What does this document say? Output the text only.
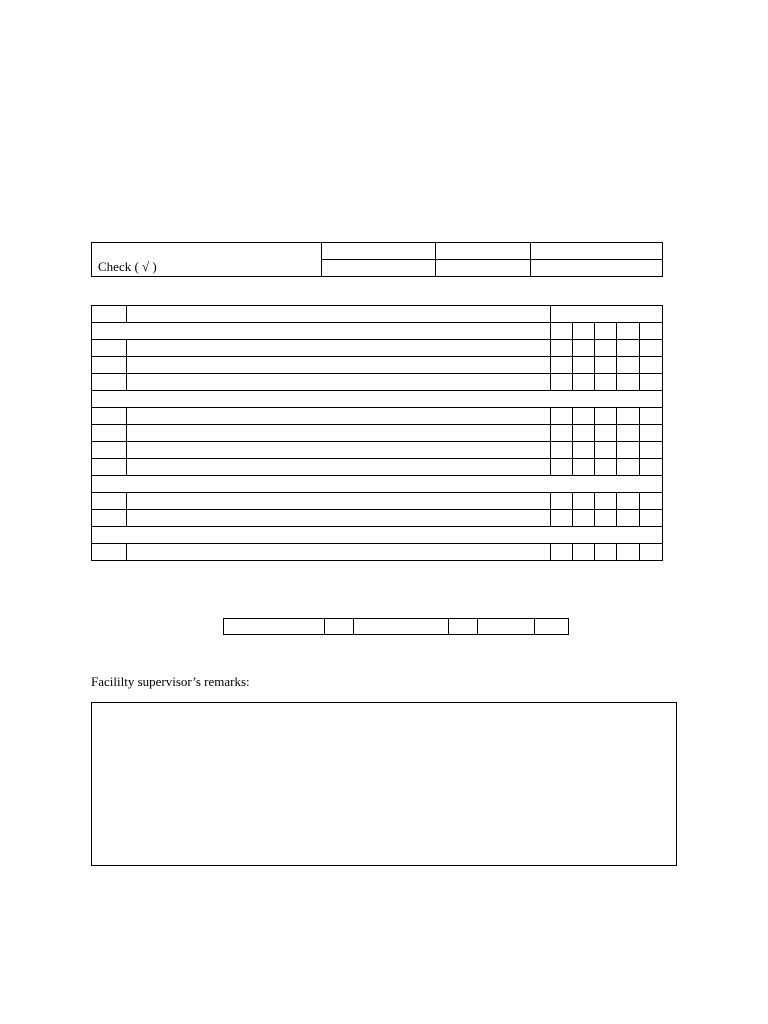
Check ( √ )			

Facililty supervisor’s remarks:
